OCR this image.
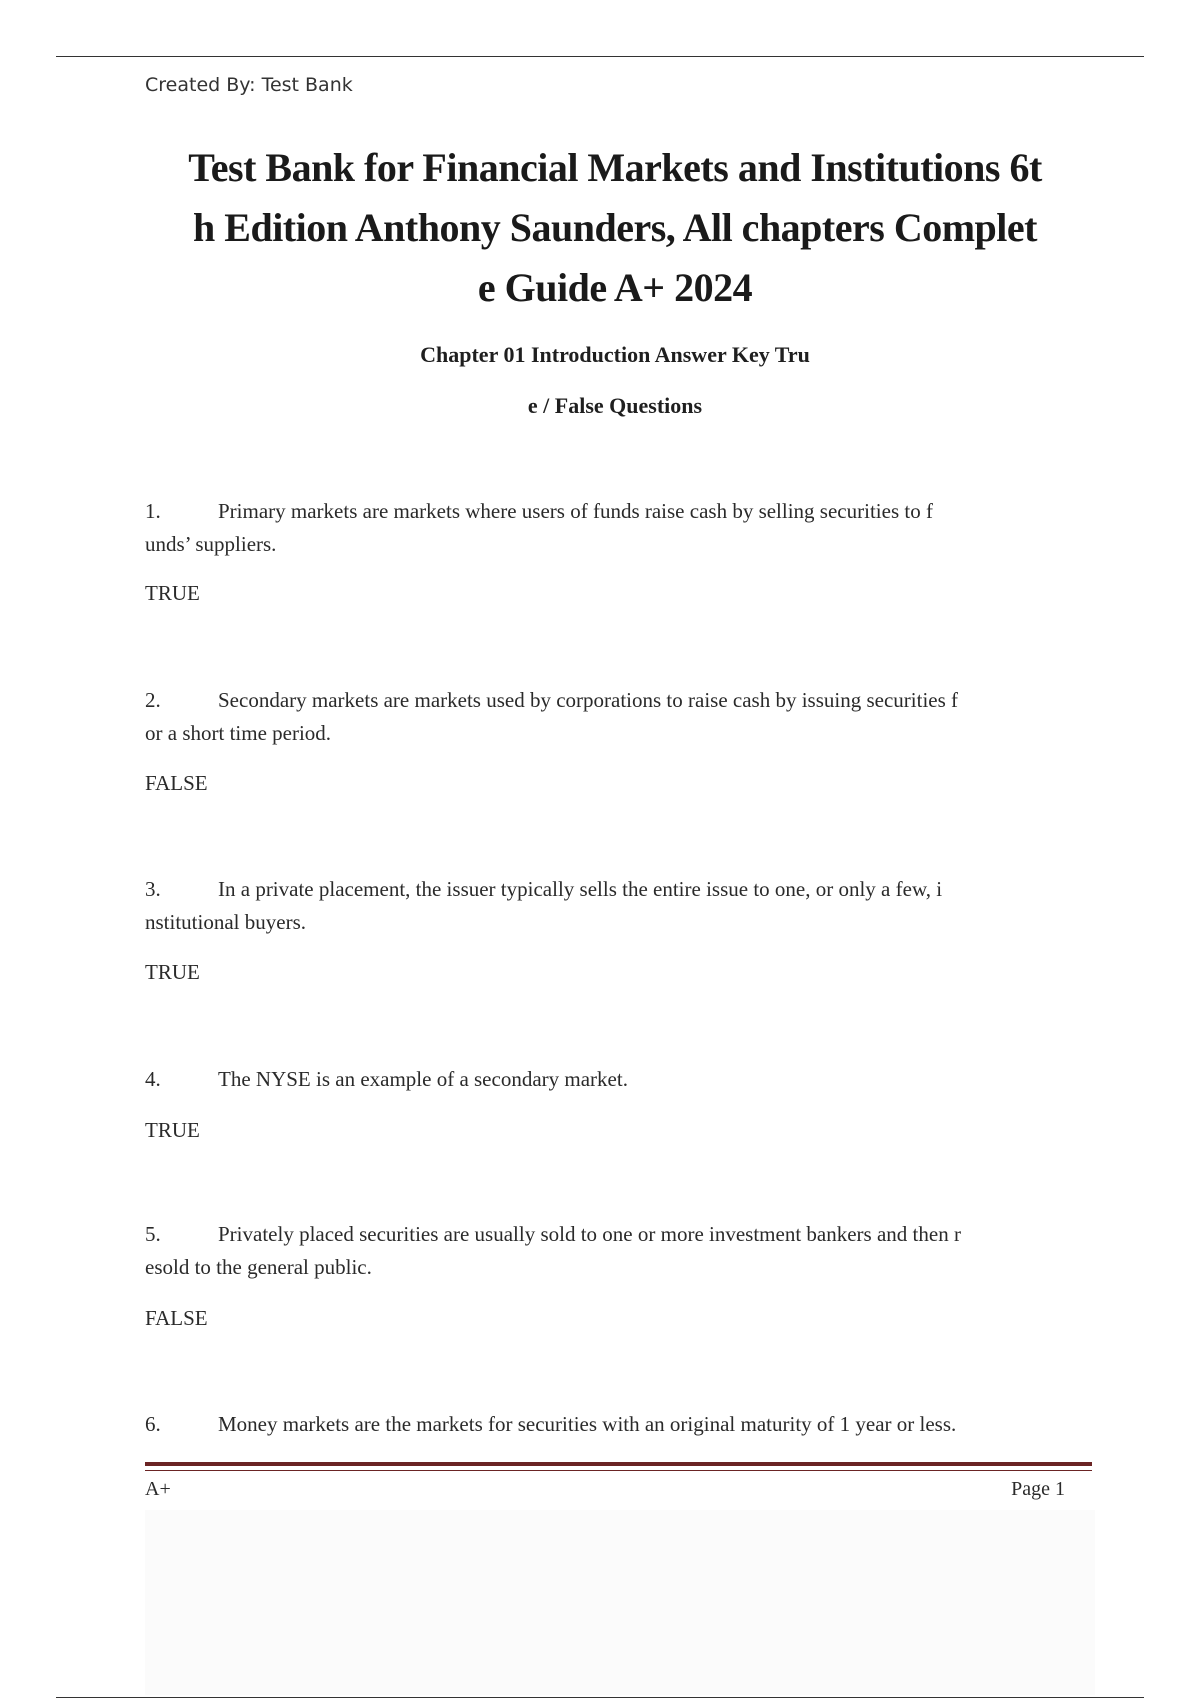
Created By: Test Bank
Test Bank for Financial Markets and Institutions 6t
h Edition Anthony Saunders, All chapters Complet
e Guide A+ 2024
Chapter 01 Introduction Answer Key Tru
e / False Questions
1.	Primary markets are markets where users of funds raise cash by selling securities to f
unds’ suppliers.
TRUE
2.	Secondary markets are markets used by corporations to raise cash by issuing securities f
or a short time period.
FALSE
3.	In a private placement, the issuer typically sells the entire issue to one, or only a few, i
nstitutional buyers.
TRUE
4.	The NYSE is an example of a secondary market.
TRUE
5.	Privately placed securities are usually sold to one or more investment bankers and then r
esold to the general public.
FALSE
6.	Money markets are the markets for securities with an original maturity of 1 year or less.
A+	Page 1
